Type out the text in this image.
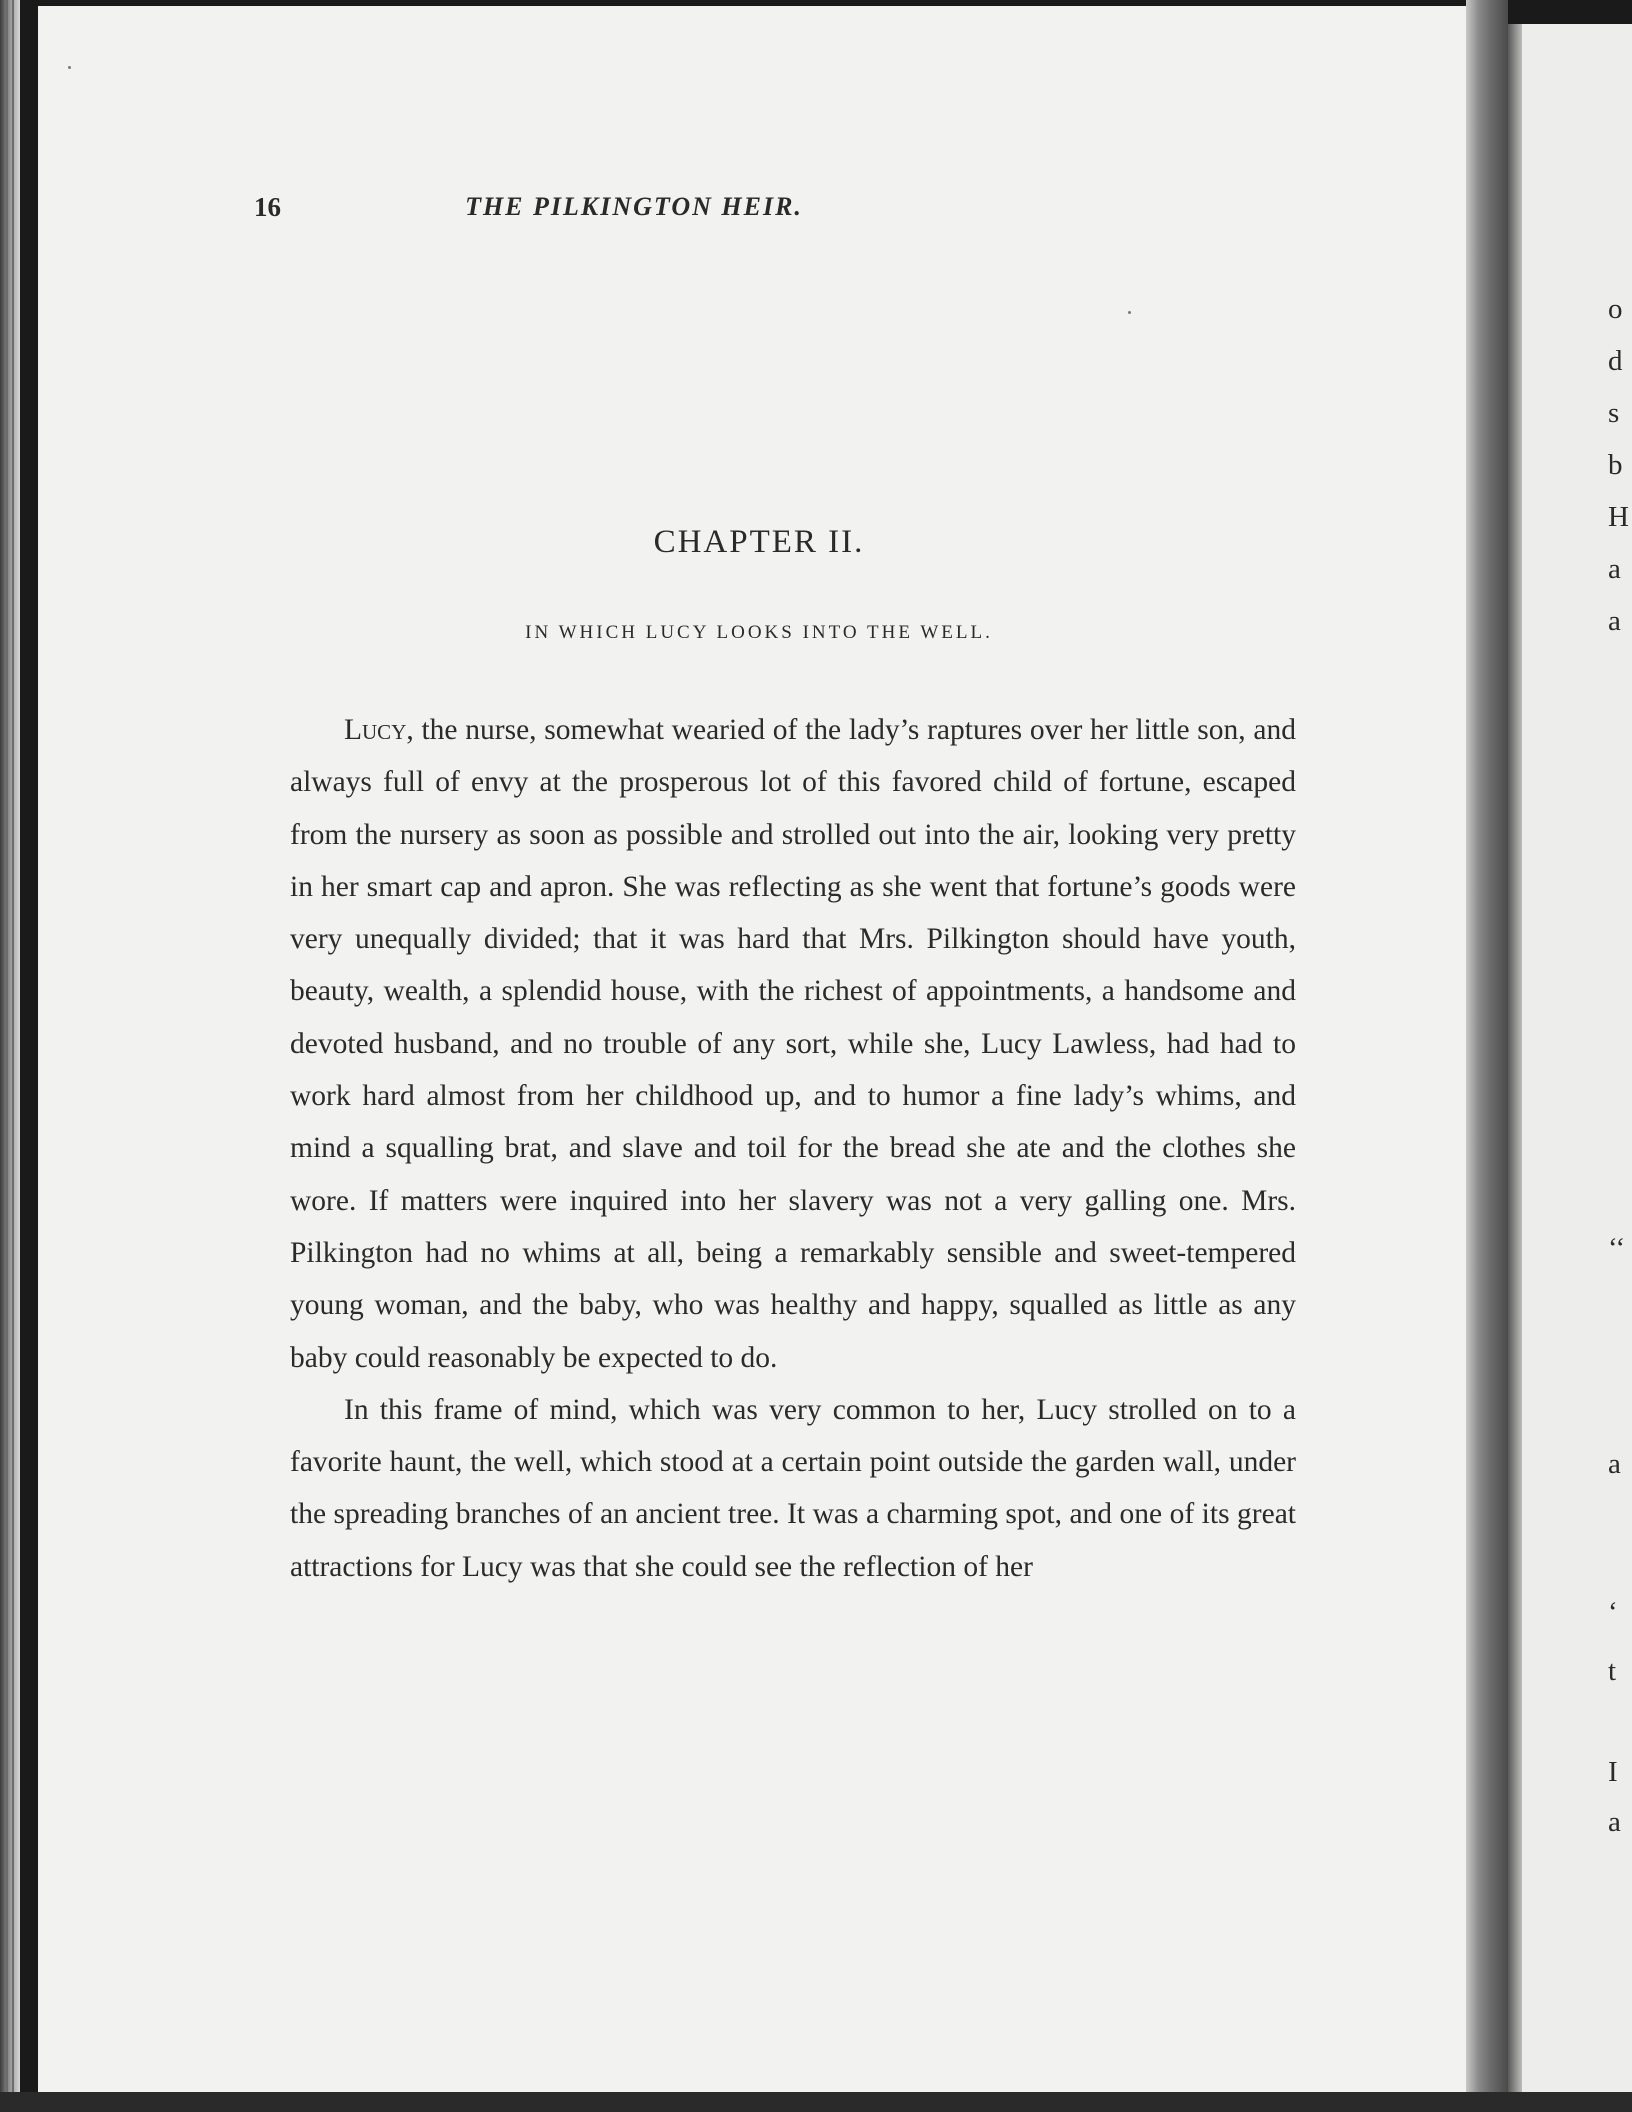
16	THE PILKINGTON HEIR.
CHAPTER II.
IN WHICH LUCY LOOKS INTO THE WELL.

Lucy, the nurse, somewhat wearied of the lady’s raptures over her little son, and always full of envy at the prosperous lot of this favored child of fortune, escaped from the nursery as soon as possible and strolled out into the air, looking very pretty in her smart cap and apron. She was reflecting as she went that fortune’s goods were very unequally divided; that it was hard that Mrs. Pilkington should have youth, beauty, wealth, a splendid house, with the richest of appointments, a handsome and devoted husband, and no trouble of any sort, while she, Lucy Lawless, had had to work hard almost from her childhood up, and to humor a fine lady’s whims, and mind a squalling brat, and slave and toil for the bread she ate and the clothes she wore. If matters were inquired into her slavery was not a very galling one. Mrs. Pilkington had no whims at all, being a remarkably sensible and sweet-tempered young woman, and the baby, who was healthy and happy, squalled as little as any baby could reasonably be expected to do.

In this frame of mind, which was very common to her, Lucy strolled on to a favorite haunt, the well, which stood at a certain point outside the garden wall, under the spreading branches of an ancient tree. It was a charming spot, and one of its great attractions for Lucy was that she could see the reflection of her

o
d
s
b
H
a
a
‘‘
a
‘
t
I
a
